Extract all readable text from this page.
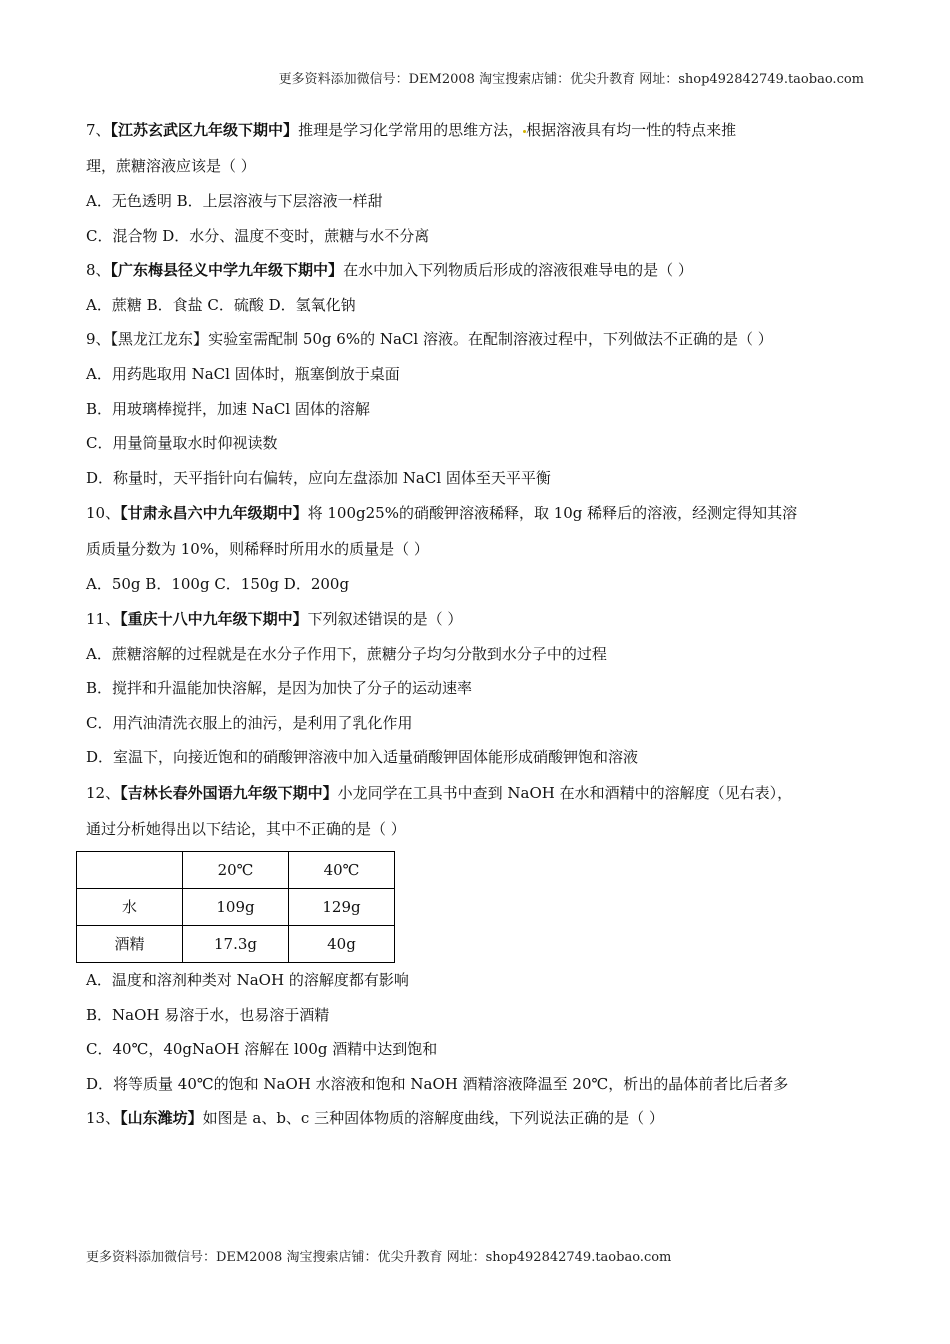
更多资料添加微信号：DEM2008 淘宝搜索店铺：优尖升教育 网址：shop492842749.taobao.com
7、【江苏玄武区九年级下期中】推理是学习化学常用的思维方法， 根据溶液具有均一性的特点来推
理，蔗糖溶液应该是（ ）
A．无色透明 B．上层溶液与下层溶液一样甜
C．混合物 D．水分、温度不变时，蔗糖与水不分离
8、【广东梅县径义中学九年级下期中】在水中加入下列物质后形成的溶液很难导电的是（ ）
A．蔗糖 B．食盐 C．硫酸 D．氢氧化钠
9、【黑龙江龙东】实验室需配制 50g 6%的 NaCl 溶液。在配制溶液过程中，下列做法不正确的是（ ）
A．用药匙取用 NaCl 固体时，瓶塞倒放于桌面
B．用玻璃棒搅拌，加速 NaCl 固体的溶解
C．用量筒量取水时仰视读数
D．称量时，天平指针向右偏转，应向左盘添加 NaCl 固体至天平平衡
10、【甘肃永昌六中九年级期中】将 100g25%的硝酸钾溶液稀释，取 10g 稀释后的溶液，经测定得知其溶
质质量分数为 10%，则稀释时所用水的质量是（ ）
A．50g B．100g C．150g D．200g
11、【重庆十八中九年级下期中】下列叙述错误的是（ ）
A．蔗糖溶解的过程就是在水分子作用下，蔗糖分子均匀分散到水分子中的过程
B．搅拌和升温能加快溶解，是因为加快了分子的运动速率
C．用汽油清洗衣服上的油污，是利用了乳化作用
D．室温下，向接近饱和的硝酸钾溶液中加入适量硝酸钾固体能形成硝酸钾饱和溶液
12、【吉林长春外国语九年级下期中】小龙同学在工具书中查到 NaOH 在水和酒精中的溶解度（见右表），
通过分析她得出以下结论，其中不正确的是（ ）
	20℃	40℃
水	109g	129g
酒精	17.3g	40g
A．温度和溶剂种类对 NaOH 的溶解度都有影响
B．NaOH 易溶于水，也易溶于酒精
C．40℃，40gNaOH 溶解在 l00g 酒精中达到饱和
D．将等质量 40℃的饱和 NaOH 水溶液和饱和 NaOH 酒精溶液降温至 20℃，析出的晶体前者比后者多
13、【山东潍坊】如图是 a、b、c 三种固体物质的溶解度曲线，下列说法正确的是（ ）
更多资料添加微信号：DEM2008 淘宝搜索店铺：优尖升教育 网址：shop492842749.taobao.com
